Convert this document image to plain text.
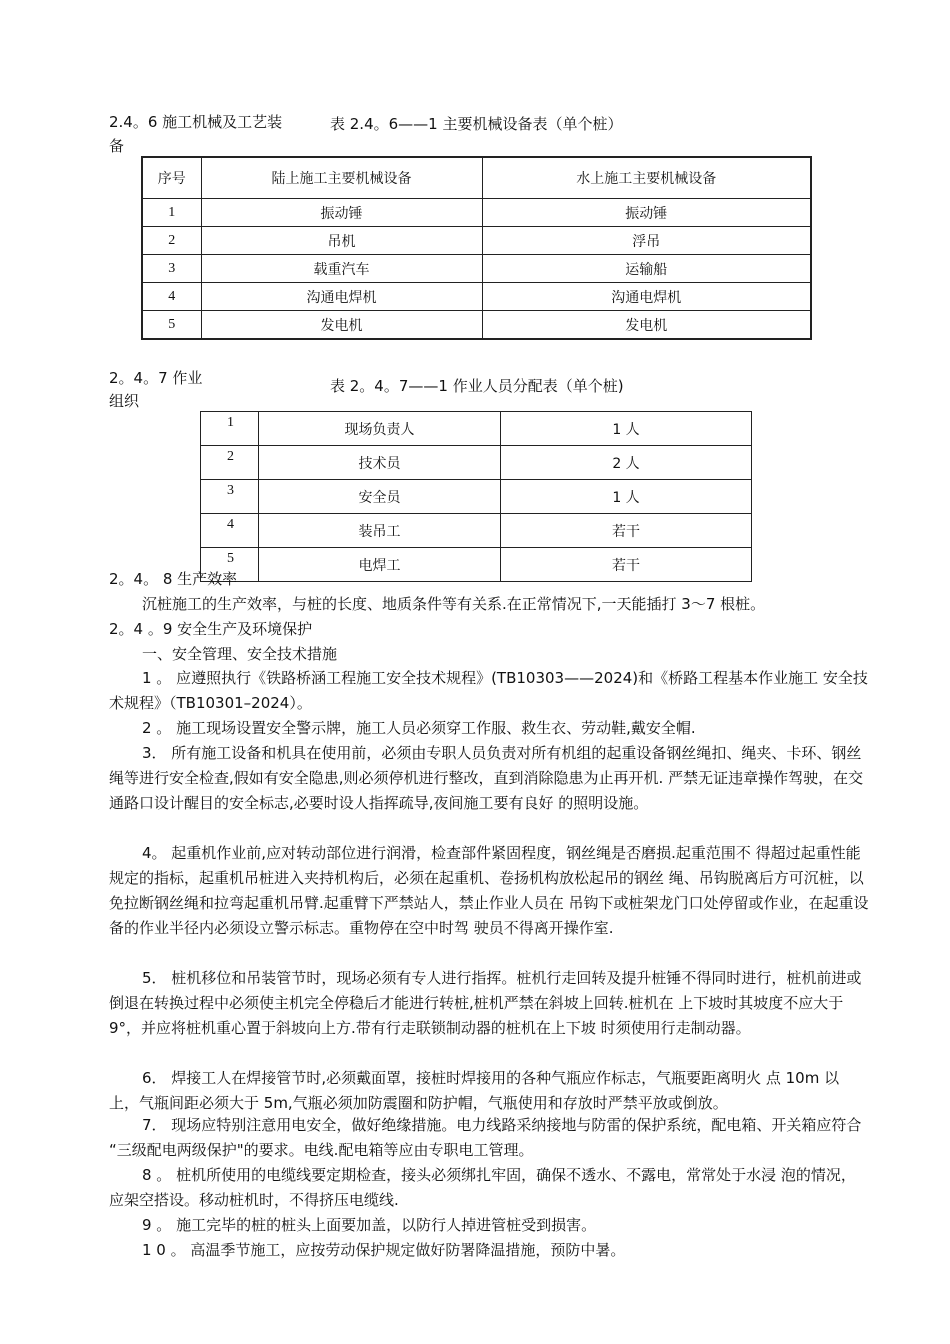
2.4。6 施工机械及工艺装
备
表 2.4。6——1 主要机械设备表（单个桩）
序号	陆上施工主要机械设备	水上施工主要机械设备
1	振动锤	振动锤
2	吊机	浮吊
3	载重汽车	运输船
4	沟通电焊机	沟通电焊机
5	发电机	发电机
2。4。7 作业
组织
表 2。4。7——1 作业人员分配表（单个桩)
1	现场负责人	1 人
2	技术员	2 人
3	安全员	1 人
4	装吊工	若干
5	电焊工	若干
2。4。 8 生产效率
沉桩施工的生产效率，与桩的长度、地质条件等有关系.在正常情况下,一天能插打 3～7 根桩。
2。4 。9 安全生产及环境保护
一、安全管理、安全技术措施
1 。 应遵照执行《铁路桥涵工程施工安全技术规程》(TB10303——2024)和《桥路工程基本作业施工 安全技术规程》（TB10301–2024）。
2 。 施工现场设置安全警示牌，施工人员必须穿工作服、救生衣、劳动鞋,戴安全帽.
3． 所有施工设备和机具在使用前，必须由专职人员负责对所有机组的起重设备钢丝绳扣、绳夹、卡环、钢丝绳等进行安全检查,假如有安全隐患,则必须停机进行整改，直到消除隐患为止再开机. 严禁无证违章操作驾驶，在交通路口设计醒目的安全标志,必要时设人指挥疏导,夜间施工要有良好 的照明设施。
4。 起重机作业前,应对转动部位进行润滑，检查部件紧固程度，钢丝绳是否磨损.起重范围不 得超过起重性能规定的指标，起重机吊桩进入夹持机构后，必须在起重机、卷扬机构放松起吊的钢丝 绳、吊钩脱离后方可沉桩，以免拉断钢丝绳和拉弯起重机吊臂.起重臂下严禁站人，禁止作业人员在 吊钩下或桩架龙门口处停留或作业，在起重设备的作业半径内必须设立警示标志。重物停在空中时驾 驶员不得离开操作室.
5． 桩机移位和吊装管节时，现场必须有专人进行指挥。桩机行走回转及提升桩锤不得同时进行，桩机前进或倒退在转换过程中必须使主机完全停稳后才能进行转桩,桩机严禁在斜坡上回转.桩机在 上下坡时其坡度不应大于 9°，并应将桩机重心置于斜坡向上方.带有行走联锁制动器的桩机在上下坡 时须使用行走制动器。
6． 焊接工人在焊接管节时,必须戴面罩，接桩时焊接用的各种气瓶应作标志，气瓶要距离明火 点 10m 以上，气瓶间距必须大于 5m,气瓶必须加防震圈和防护帽，气瓶使用和存放时严禁平放或倒放。
7． 现场应特别注意用电安全，做好绝缘措施。电力线路采纳接地与防雷的保护系统，配电箱、开关箱应符合 “三级配电两级保护"的要求。电线.配电箱等应由专职电工管理。
8 。 桩机所使用的电缆线要定期检查，接头必须绑扎牢固，确保不透水、不露电，常常处于水浸 泡的情况，应架空搭设。移动桩机时，不得挤压电缆线.
9 。 施工完毕的桩的桩头上面要加盖，以防行人掉进管桩受到损害。
1 0 。 高温季节施工，应按劳动保护规定做好防署降温措施，预防中暑。
